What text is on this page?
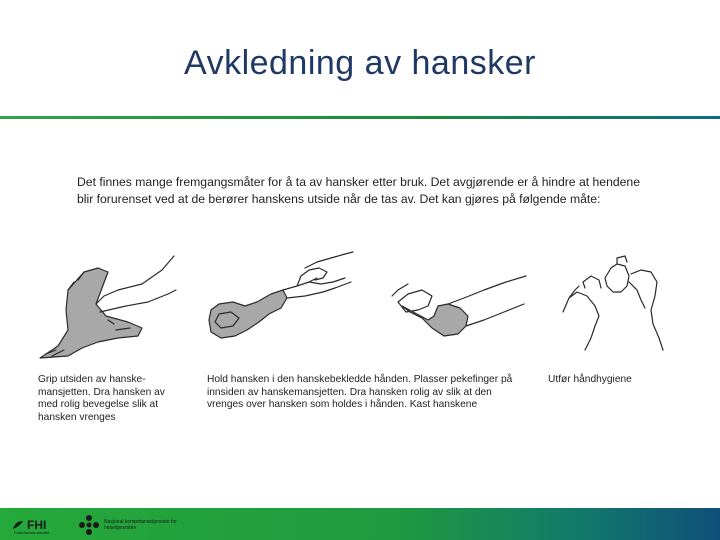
Avkledning av hansker
Det finnes mange fremgangsmåter for å ta av hansker etter bruk. Det avgjørende er å hindre at hendene blir forurenset ved at de berører hanskens utside når de tas av. Det kan gjøres på følgende måte:
Grip utsiden av hanske-mansjetten. Dra hansken av med rolig bevegelse slik at hansken vrenges
Hold hansken i den hanskebekledde hånden. Plasser pekefinger på innsiden av hanskemansjetten. Dra hansken rolig av slik at den vrenges over hansken som holdes i hånden. Kast hanskene
Utfør håndhygiene
FHI
Folkehelseinstituttet
Nasjonal kompetansetjeneste for
helsetjenesten
